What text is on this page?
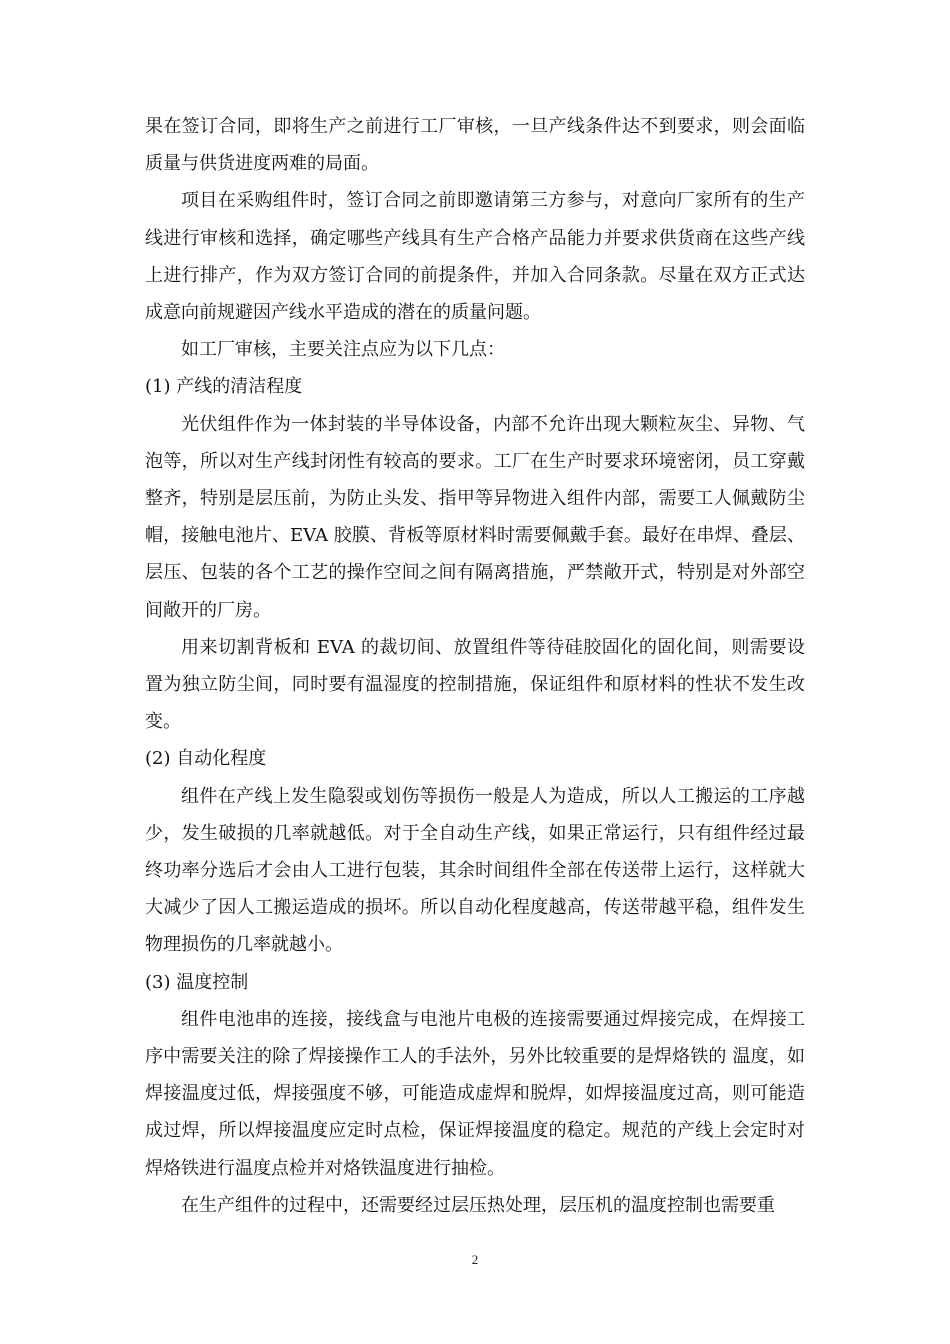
果在签订合同，即将生产之前进行工厂审核，一旦产线条件达不到要求，则会面临质量与供货进度两难的局面。

项目在采购组件时，签订合同之前即邀请第三方参与，对意向厂家所有的生产线进行审核和选择，确定哪些产线具有生产合格产品能力并要求供货商在这些产线上进行排产，作为双方签订合同的前提条件，并加入合同条款。尽量在双方正式达成意向前规避因产线水平造成的潜在的质量问题。

如工厂审核，主要关注点应为以下几点：

(1) 产线的清洁程度

光伏组件作为一体封装的半导体设备，内部不允许出现大颗粒灰尘、异物、气泡等，所以对生产线封闭性有较高的要求。工厂在生产时要求环境密闭，员工穿戴整齐，特别是层压前，为防止头发、指甲等异物进入组件内部，需要工人佩戴防尘帽，接触电池片、EVA 胶膜、背板等原材料时需要佩戴手套。最好在串焊、叠层、层压、包装的各个工艺的操作空间之间有隔离措施，严禁敞开式，特别是对外部空间敞开的厂房。

用来切割背板和 EVA 的裁切间、放置组件等待硅胶固化的固化间，则需要设置为独立防尘间，同时要有温湿度的控制措施，保证组件和原材料的性状不发生改变。

(2) 自动化程度

组件在产线上发生隐裂或划伤等损伤一般是人为造成，所以人工搬运的工序越少，发生破损的几率就越低。对于全自动生产线，如果正常运行，只有组件经过最终功率分选后才会由人工进行包装，其余时间组件全部在传送带上运行，这样就大大减少了因人工搬运造成的损坏。所以自动化程度越高，传送带越平稳，组件发生物理损伤的几率就越小。

(3) 温度控制

组件电池串的连接，接线盒与电池片电极的连接需要通过焊接完成，在焊接工序中需要关注的除了焊接操作工人的手法外，另外比较重要的是焊烙铁的 温度，如焊接温度过低，焊接强度不够，可能造成虚焊和脱焊，如焊接温度过高，则可能造成过焊，所以焊接温度应定时点检，保证焊接温度的稳定。规范的产线上会定时对焊烙铁进行温度点检并对烙铁温度进行抽检。

在生产组件的过程中，还需要经过层压热处理，层压机的温度控制也需要重

2
